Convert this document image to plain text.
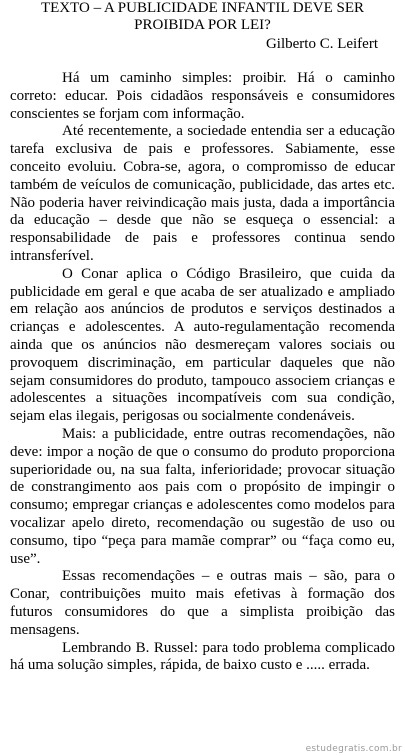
TEXTO – A PUBLICIDADE INFANTIL DEVE SER PROIBIDA POR LEI?
Gilberto C. Leifert

Há um caminho simples: proibir. Há o caminho correto: educar. Pois cidadãos responsáveis e consumidores conscientes se forjam com informação.

Até recentemente, a sociedade entendia ser a educação tarefa exclusiva de pais e professores. Sabiamente, esse conceito evoluiu. Cobra-se, agora, o compromisso de educar também de veículos de comunicação, publicidade, das artes etc. Não poderia haver reivindicação mais justa, dada a importância da educação – desde que não se esqueça o essencial: a responsabilidade de pais e professores continua sendo intransferível.

O Conar aplica o Código Brasileiro, que cuida da publicidade em geral e que acaba de ser atualizado e ampliado em relação aos anúncios de produtos e serviços destinados a crianças e adolescentes. A auto-regulamentação recomenda ainda que os anúncios não desmereçam valores sociais ou provoquem discriminação, em particular daqueles que não sejam consumidores do produto, tampouco associem crianças e adolescentes a situações incompatíveis com sua condição, sejam elas ilegais, perigosas ou socialmente condenáveis.

Mais: a publicidade, entre outras recomendações, não deve: impor a noção de que o consumo do produto proporciona superioridade ou, na sua falta, inferioridade; provocar situação de constrangimento aos pais com o propósito de impingir o consumo; empregar crianças e adolescentes como modelos para vocalizar apelo direto, recomendação ou sugestão de uso ou consumo, tipo “peça para mamãe comprar” ou “faça como eu, use”.

Essas recomendações – e outras mais – são, para o Conar, contribuições muito mais efetivas à formação dos futuros consumidores do que a simplista proibição das mensagens.

Lembrando B. Russel: para todo problema complicado há uma solução simples, rápida, de baixo custo e ..... errada.

estudegratis.com.br
